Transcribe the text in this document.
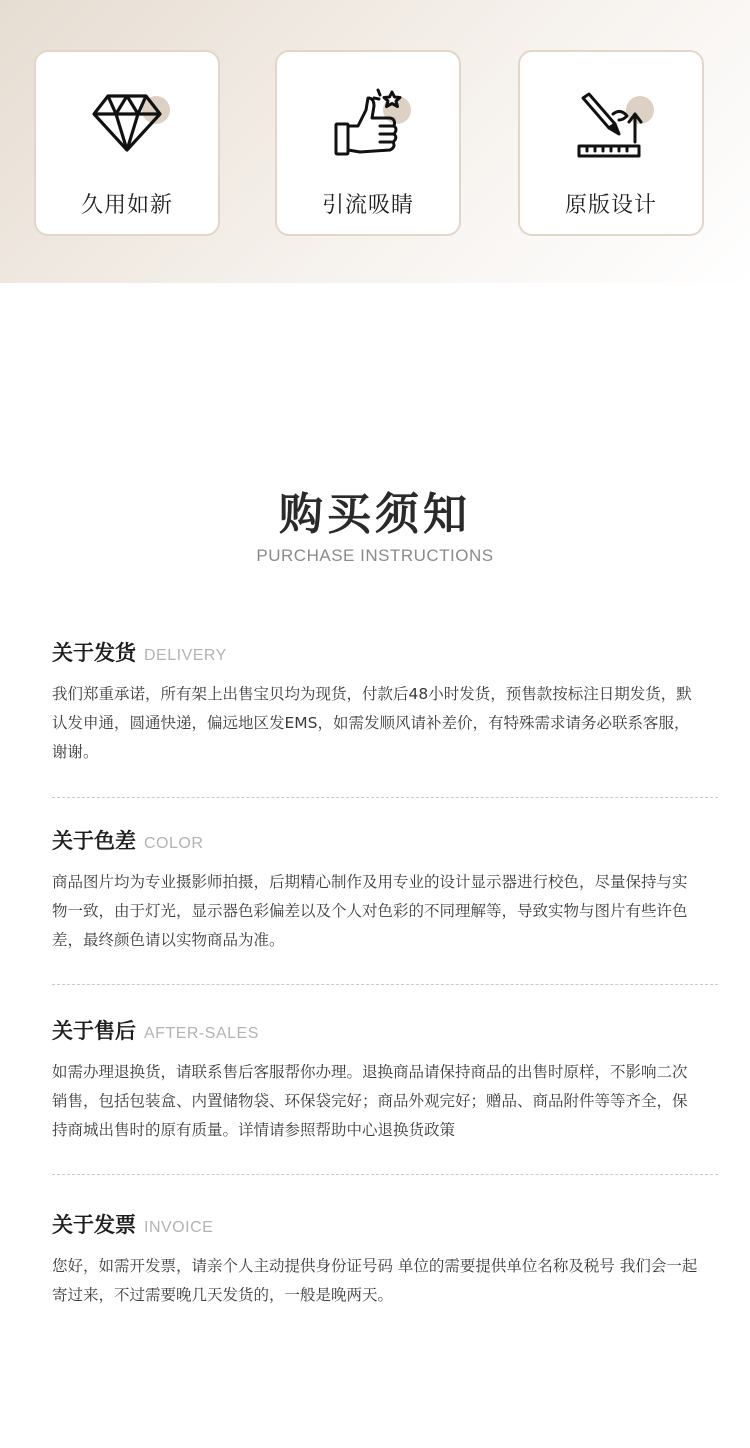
久用如新	引流吸睛	原版设计
购买须知
PURCHASE INSTRUCTIONS
关于发货 DELIVERY
我们郑重承诺，所有架上出售宝贝均为现货，付款后48小时发货，预售款按标注日期发货，默认发申通，圆通快递，偏远地区发EMS，如需发顺风请补差价，有特殊需求请务必联系客服，谢谢。
关于色差 COLOR
商品图片均为专业摄影师拍摄，后期精心制作及用专业的设计显示器进行校色，尽量保持与实物一致，由于灯光，显示器色彩偏差以及个人对色彩的不同理解等，导致实物与图片有些许色差，最终颜色请以实物商品为准。
关于售后 AFTER-SALES
如需办理退换货，请联系售后客服帮你办理。退换商品请保持商品的出售时原样，不影响二次销售，包括包装盒、内置储物袋、环保袋完好；商品外观完好；赠品、商品附件等等齐全，保持商城出售时的原有质量。详情请参照帮助中心退换货政策
关于发票 INVOICE
您好，如需开发票，请亲个人主动提供身份证号码 单位的需要提供单位名称及税号 我们会一起寄过来，不过需要晚几天发货的，一般是晚两天。
